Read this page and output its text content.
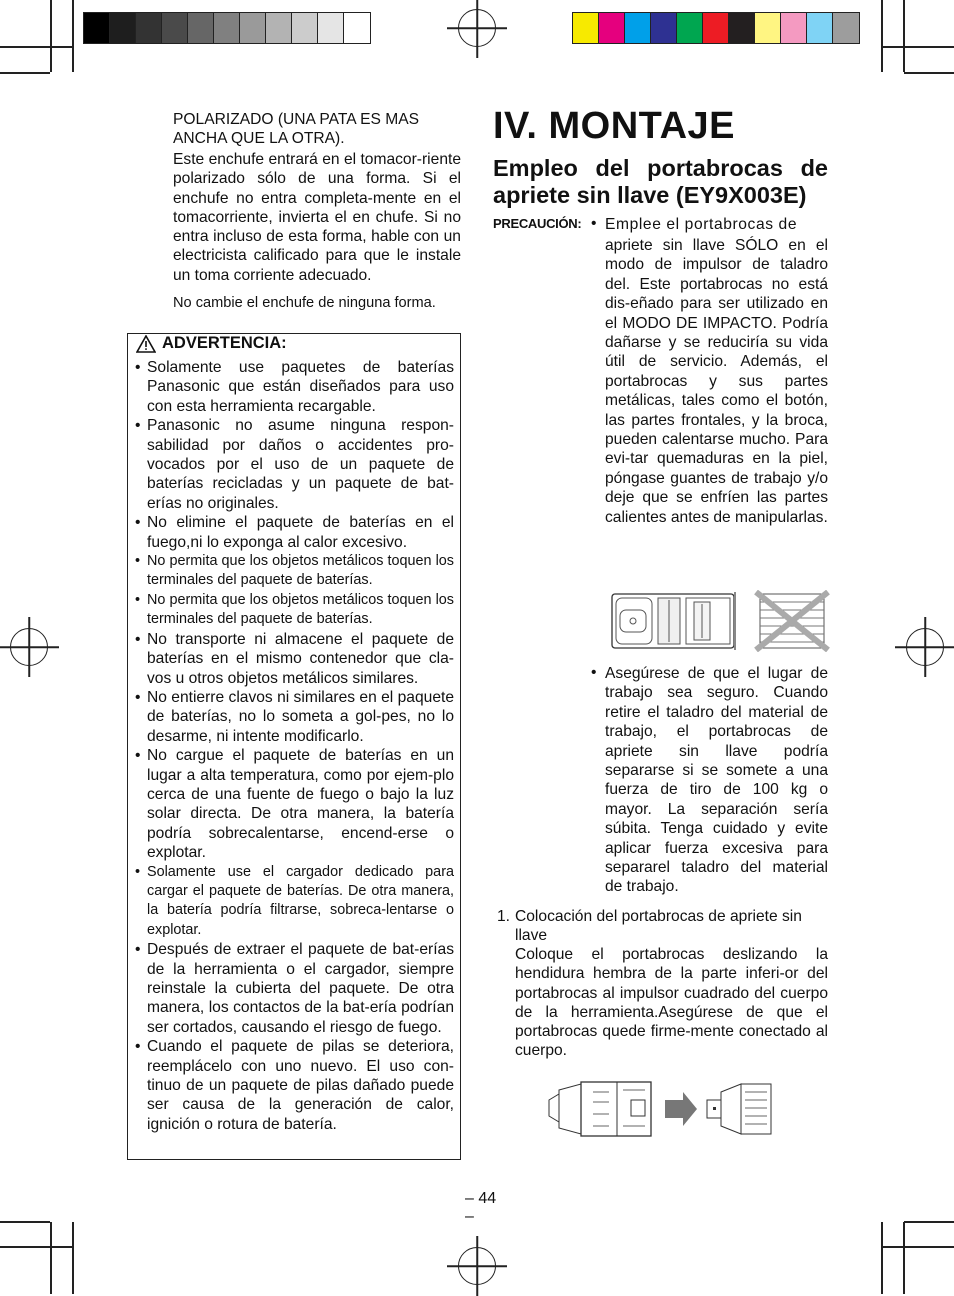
POLARIZADO (UNA PATA ES MAS ANCHA QUE LA OTRA).
Este enchufe entrará en el tomacor-riente polarizado sólo de una forma. Si el enchufe no entra completa-mente en el tomacorriente, invierta el en chufe. Si no entra incluso de esta forma, hable con un electricista calificado para que le instale un toma corriente adecuado.
No cambie el enchufe de ninguna forma.
ADVERTENCIA:
• Solamente use paquetes de baterías Panasonic que están diseñados para uso con esta herramienta recargable.
• Panasonic no asume ninguna respon-sabilidad por daños o accidentes pro-vocados por el uso de un paquete de baterías recicladas y un paquete de bat-erías no originales.
• No elimine el paquete de baterías en el fuego,ni lo exponga al calor excesivo.
• No permita que los objetos metálicos toquen los terminales del paquete de baterías.
• No permita que los objetos metálicos toquen los terminales del paquete de baterías.
• No transporte ni almacene el paquete de baterías en el mismo contenedor que cla-vos u otros objetos metálicos similares.
• No entierre clavos ni similares en el paquete de baterías, no lo someta a gol-pes, no lo desarme, ni intente modificarlo.
• No cargue el paquete de baterías en un lugar a alta temperatura, como por ejem-plo cerca de una fuente de fuego o bajo la luz solar directa. De otra manera, la batería podría sobrecalentarse, encend-erse o explotar.
• Solamente use el cargador dedicado para cargar el paquete de baterías. De otra manera, la batería podría filtrarse, sobreca-lentarse o explotar.
• Después de extraer el paquete de bat-erías de la herramienta o el cargador, siempre reinstale la cubierta del paquete. De otra manera, los contactos de la bat-ería podrían ser cortados, causando el riesgo de fuego.
• Cuando el paquete de pilas se deteriora, reemplácelo con uno nuevo. El uso con-tinuo de un paquete de pilas dañado puede ser causa de la generación de calor, ignición o rotura de batería.
IV. MONTAJE
Empleo del portabrocas de apriete sin llave (EY9X003E)
PRECAUCIÓN: • Emplee el portabrocas de
apriete sin llave SÓLO en el modo de impulsor de taladro del. Este portabrocas no está dis-eñado para ser utilizado en el MODO DE IMPACTO. Podría dañarse y se reduciría su vida útil de servicio. Además, el portabrocas y sus partes metálicas, tales como el botón, las partes frontales, y la broca, pueden calentarse mucho. Para evi-tar quemaduras en la piel, póngase guantes de trabajo y/o deje que se enfríen las partes calientes antes de manipularlas.
• Asegúrese de que el lugar de trabajo sea seguro. Cuando retire el taladro del material de trabajo, el portabrocas de apriete sin llave podría separarse si se somete a una fuerza de tiro de 100 kg o mayor. La separación sería súbita. Tenga cuidado y evite aplicar fuerza excesiva para separarel taladro del material de trabajo.
1. Colocación del portabrocas de apriete sin llave
Coloque el portabrocas deslizando la hendidura hembra de la parte inferi-or del portabrocas al impulsor cuadrado del cuerpo de la herramienta.Asegúrese de que el portabrocas quede firme-mente conectado al cuerpo.
– 44 –
